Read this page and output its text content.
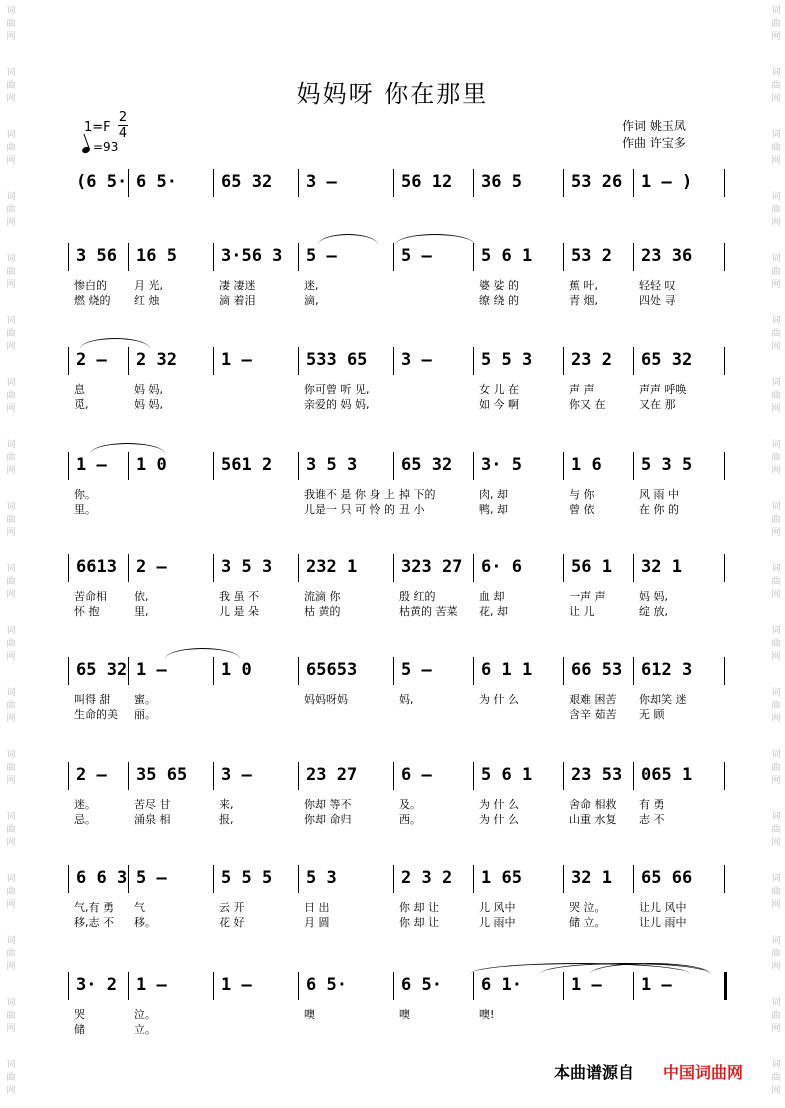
词
曲
网
词
曲
网
词
曲
网
词
曲
网
词
曲
网
词
曲
网
词
曲
网
词
曲
网
词
曲
网
词
曲
网
词
曲
网
词
曲
网
词
曲
网
词
曲
网
词
曲
网
词
曲
网
词
曲
网
词
曲
网
词
曲
网
词
曲
网
词
曲
网
词
曲
网
词
曲
网
词
曲
网
词
曲
网
词
曲
网
词
曲
网
词
曲
网
词
曲
网
词
曲
网
词
曲
网
词
曲
网
词
曲
网
词
曲
网
词
曲
网
词
曲
网
妈妈呀 你在那里
1=F
2
4
=93
作词 姚玉凤
作曲 许宝多
(6 5· 6 5·	65 32 3 —	56 12 36 5	53 26 1 — )
3 56 16 5	3·56 3 5 —	5 —	5 6 1 53 2 23 36
惨白的 月 光,	凄 凄迷	迷,	婆 娑 的	蕉 叶,	轻轻 叹
燃 烧的 红 烛	滴 着泪	滴,	缭 绕 的	青 烟,	四处 寻
2 — 2 32	1 —	533 65 3 —	5 5 3 23 2 65 32
息	妈 妈,	你可曾 听 见,	女 儿 在	声 声	声声 呼唤
觅,	妈 妈,	亲爱的 妈 妈,	如 今 啊	你又 在	又在 那
1 — 1 0	561 2 3 5 3	65 32 3· 5	1 6 5 3 5
你。	我谁不 是 你 身 上 掉 下的	肉, 却	与 你	风 雨 中
里。	儿是一 只 可 怜 的 丑 小	鸭, 却	曾 依	在 你 的
6613 2 —	3 5 3 232 1	323 27 6· 6	56 1 32 1
苦命相 依,	我 虽 不	流滴 你	殷 红的	血 却	一声 声	妈 妈,
怀 抱	里,	儿 是 朵	枯 黄的	枯黄的 苦菜 花, 却	让 儿	绽 放,
65 32 1 —	1 0	65653	5 —	6 1 1 66 53 612 3
叫得 甜 蜜。	妈妈呀妈	妈,	为 什 么	艰难 困苦 你却笑 迷
生命的美 丽。	含辛 茹苦 无 顾
2 — 35 65 3 —	23 27	6 —	5 6 1 23 53 065 1
迷。	苦尽 甘	来,	你却 等不	及。	为 什 么	舍命 相救 有 勇
忌。	涌泉 相	报,	你却 命归	西。	为 什 么	山重 水复 志 不
6 6 3 5 —	5 5 5 5 3	2 3 2 1 65	32 1 65 66
气,有 勇 气	云 开	日 出	你 却 让	儿 风中	哭 泣。	让儿 风中
移,志 不 移。	花 好	月 圆	你 却 让	儿 雨中	储 立。	让儿 雨中
3· 2 1 —	1 —	6 5·	6 5· 6 1·	1 — 1 —
哭	泣。	噢	噢	噢!
储	立。
本曲谱源自 中国词曲网
